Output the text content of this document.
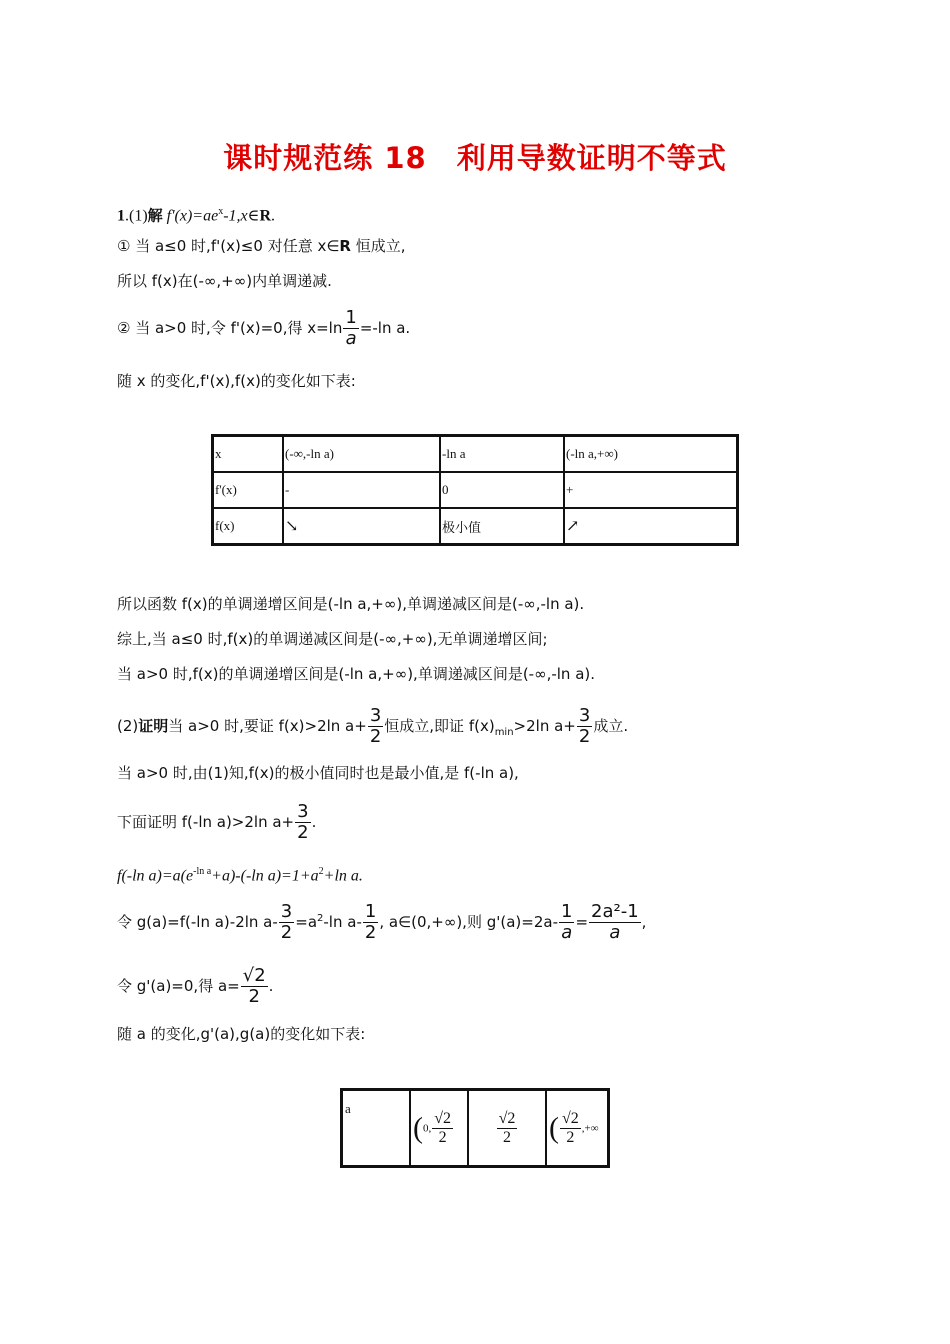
课时规范练 18　利用导数证明不等式
1.(1)解 $f'(x)=ae^x-1,x\in R$.
① 当 a≤0 时,f'(x)≤0 对任意 x∈R 恒成立,
所以 f(x)在(-∞,+∞)内单调递减.
② 当 a>0 时,令 f'(x)=0,得 $x=\ln \frac{1}{a} =-\ln$ a.
随 x 的变化,f'(x),f(x)的变化如下表:
x	(-∞,-ln a)	-ln a	(-ln a,+∞)
f'(x)	-	0	+
f(x)	↘	极小值	↗
所以函数 f(x)的单调递增区间是(-ln a,+∞),单调递减区间是(-∞,-ln a).
综上,当 a≤0 时,f(x)的单调递减区间是(-∞,+∞),无单调递增区间;
当 a>0 时,f(x)的单调递增区间是(-ln a,+∞),单调递减区间是(-∞,-ln a).
(2)证明当 a>0 时,要证 f(x)>2ln $a+ \frac{3}{2}$ 恒成立,即证 $f(x)_{min}>2\ln$ $a+ \frac{3}{2}$ 成立.
当 a>0 时,由(1)知,f(x)的极小值同时也是最小值,是 f(-ln a),
下面证明 f(-ln a)>2ln $a+ \frac{3}{2}$ .
f(-ln $a)=a(e^{-ln a}+a)-(-\ln$ $a)=1+a^2+\ln$ a.
令 g(a)=f(-ln a)-2ln $a- \frac{3}{2} =a^2-\ln$ $a- \frac{1}{2}$ , a∈(0,+∞),则 $g'(a)=2a- \frac{1}{a} = \frac{\text{2a²-1}}{a}$ ,
令 g'(a)=0,得 $a= \frac{√2}{2}$ .
随 a 的变化,g'(a),g(a)的变化如下表:
a	(0, $\frac{√2}{2}$	$\frac{√2}{2}$	( $\frac{√2}{2}$ ,+∞
